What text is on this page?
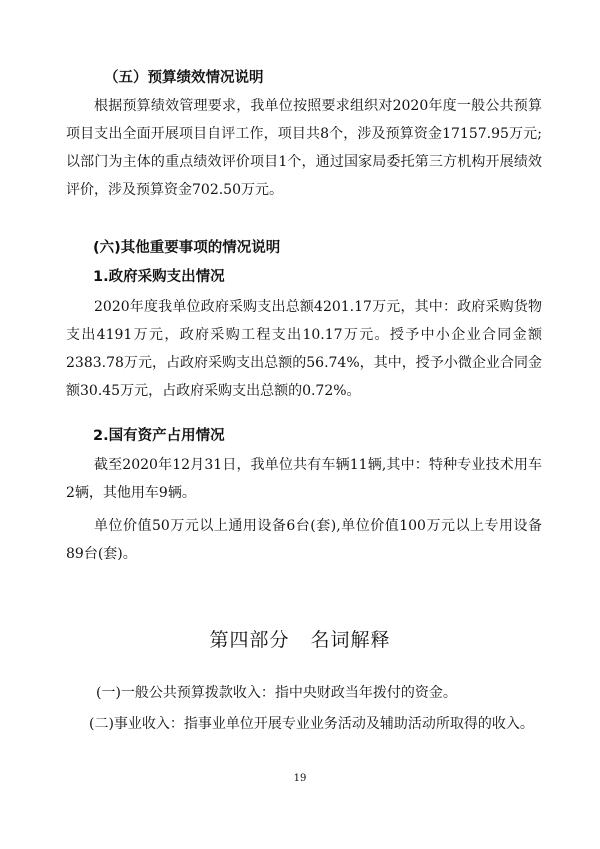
（五）预算绩效情况说明

根据预算绩效管理要求，我单位按照要求组织对2020年度一般公共预算项目支出全面开展项目自评工作，项目共8个，涉及预算资金17157.95万元;以部门为主体的重点绩效评价项目1个，通过国家局委托第三方机构开展绩效评价，涉及预算资金702.50万元。

(六)其他重要事项的情况说明
1.政府采购支出情况

2020年度我单位政府采购支出总额4201.17万元，其中：政府采购货物支出4191万元，政府采购工程支出10.17万元。授予中小企业合同金额2383.78万元，占政府采购支出总额的56.74%，其中，授予小微企业合同金额30.45万元，占政府采购支出总额的0.72%。

2.国有资产占用情况

截至2020年12月31日，我单位共有车辆11辆,其中：特种专业技术用车2辆，其他用车9辆。

单位价值50万元以上通用设备6台(套),单位价值100万元以上专用设备89台(套)。

第四部分   名词解释
(一)一般公共预算拨款收入：指中央财政当年拨付的资金。
(二)事业收入：指事业单位开展专业业务活动及辅助活动所取得的收入。
19
